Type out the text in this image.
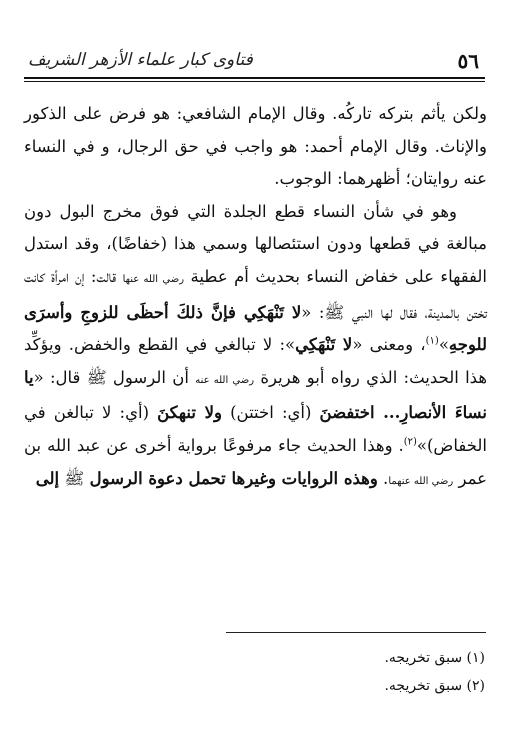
فتاوى كبار علماء الأزهر الشريف	٥٦

ولكن يأثم بتركه تاركُه. وقال الإمام الشافعي: هو فرض على الذكور والإناث. وقال الإمام أحمد: هو واجب في حق الرجال، و في النساء عنه روايتان؛ أظهرهما: الوجوب.

وهو في شأن النساء قطع الجلدة التي فوق مخرج البول دون مبالغة في قطعها ودون استئصالها وسمي هذا (خفاضًا)، وقد استدل الفقهاء على خفاض النساء بحديث أم عطية رضي الله عنها قالت: إن امرأة كانت تختن بالمدينة، فقال لها النبي ﷺ: «لا تَنْهَكِي فإنَّ ذلكَ أحظَى للزوجِ وأسرَى للوجهِ»$^{(١)}$، ومعنى «لا تَنْهَكِي»: لا تبالغي في القطع والخفض. ويؤكِّد هذا الحديث: الذي رواه أبو هريرة رضي الله عنه أن الرسول ﷺ قال: «يا نساءَ الأنصارِ... اختفضنَ (أي: اختتن) ولا تنهكنَ (أي: لا تبالغن في الخفاض)»$^{(٢)}$. وهذا الحديث جاء مرفوعًا برواية أخرى عن عبد الله بن عمر رضي الله عنهما. وهذه الروايات وغيرها تحمل دعوة الرسول ﷺ إلى

(١) سبق تخريجه.
(٢) سبق تخريجه.
